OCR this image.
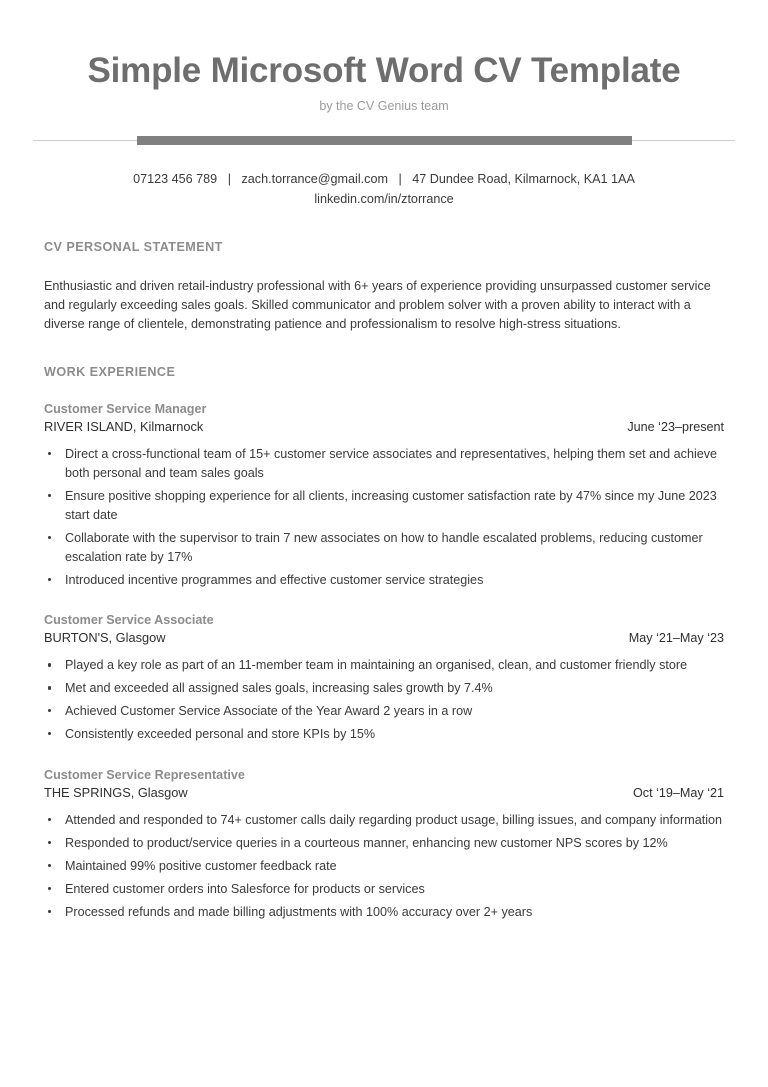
Simple Microsoft Word CV Template
by the CV Genius team
07123 456 789 | zach.torrance@gmail.com | 47 Dundee Road, Kilmarnock, KA1 1AA
linkedin.com/in/ztorrance
CV PERSONAL STATEMENT

Enthusiastic and driven retail-industry professional with 6+ years of experience providing unsurpassed customer service and regularly exceeding sales goals. Skilled communicator and problem solver with a proven ability to interact with a diverse range of clientele, demonstrating patience and professionalism to resolve high-stress situations.

WORK EXPERIENCE
Customer Service Manager
RIVER ISLAND, Kilmarnock	June ‘23–present
Direct a cross-functional team of 15+ customer service associates and representatives, helping them set and achieve both personal and team sales goals
Ensure positive shopping experience for all clients, increasing customer satisfaction rate by 47% since my June 2023 start date
Collaborate with the supervisor to train 7 new associates on how to handle escalated problems, reducing customer escalation rate by 17%
Introduced incentive programmes and effective customer service strategies
Customer Service Associate
BURTON'S, Glasgow	May ‘21–May ‘23
Played a key role as part of an 11-member team in maintaining an organised, clean, and customer friendly store
Met and exceeded all assigned sales goals, increasing sales growth by 7.4%
Achieved Customer Service Associate of the Year Award 2 years in a row
Consistently exceeded personal and store KPIs by 15%
Customer Service Representative
THE SPRINGS, Glasgow	Oct ‘19–May ‘21
Attended and responded to 74+ customer calls daily regarding product usage, billing issues, and company information
Responded to product/service queries in a courteous manner, enhancing new customer NPS scores by 12%
Maintained 99% positive customer feedback rate
Entered customer orders into Salesforce for products or services
Processed refunds and made billing adjustments with 100% accuracy over 2+ years
